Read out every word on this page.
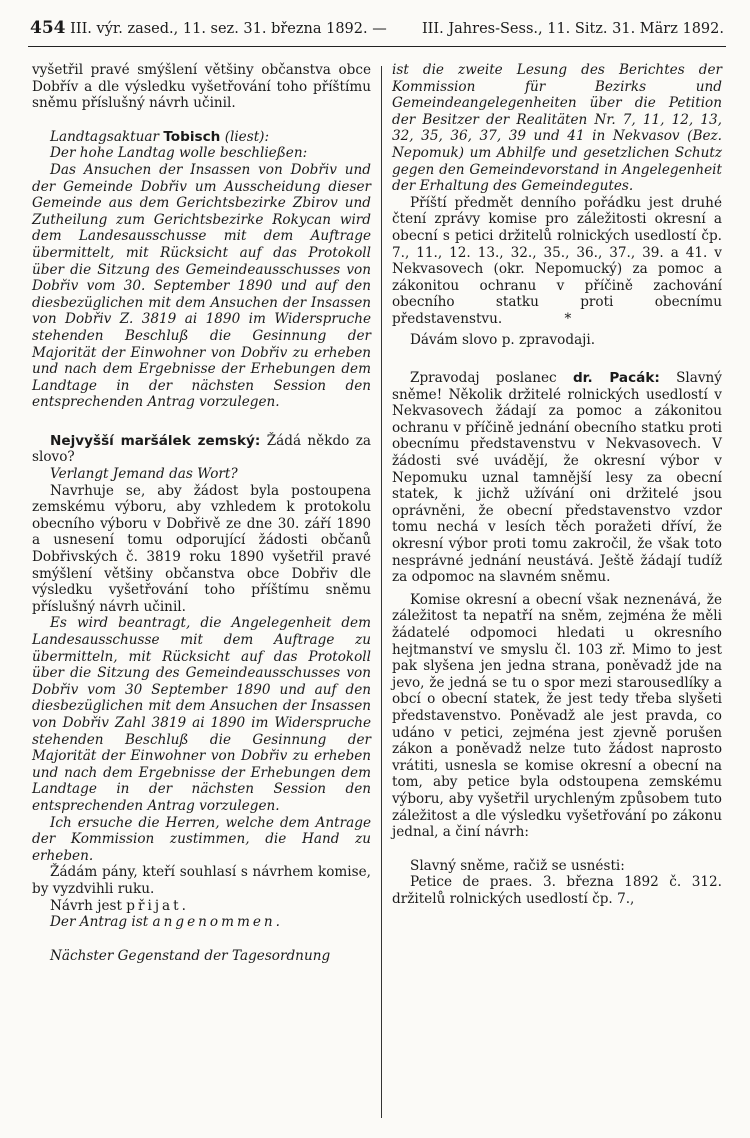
454 III. výr. zased., 11. sez. 31. března 1892. — III. Jahres-Sess., 11. Sitz. 31. März 1892.

vyšetřil pravé smýšlení většiny občanstva obce Dobřív a dle výsledku vyšetřování toho příštímu sněmu příslušný návrh učinil.

Landtagsaktuar Tobisch (liest):

Der hohe Landtag wolle beschließen:

Das Ansuchen der Insassen von Dobřiv und der Gemeinde Dobřiv um Ausscheidung dieser Gemeinde aus dem Gerichtsbezirke Zbirov und Zutheilung zum Gerichtsbezirke Rokycan wird dem Landesausschusse mit dem Auftrage übermittelt, mit Rücksicht auf das Protokoll über die Sitzung des Gemeindeausschusses von Dobřiv vom 30. September 1890 und auf den diesbezüglichen mit dem Ansuchen der Insassen von Dobřiv Z. 3819 ai 1890 im Widerspruche stehenden Beschluß die Gesinnung der Majorität der Einwohner von Dobřiv zu erheben und nach dem Ergebnisse der Erhebungen dem Landtage in der nächsten Session den entsprechenden Antrag vorzulegen.

Nejvyšší maršálek zemský: Žádá někdo za slovo?

Verlangt Jemand das Wort?

Navrhuje se, aby žádost byla postoupena zemskému výboru, aby vzhledem k protokolu obecního výboru v Dobřivě ze dne 30. září 1890 a usnesení tomu odporující žádosti občanů Dobřivských č. 3819 roku 1890 vyšetřil pravé smýšlení většiny občanstva obce Dobřiv dle výsledku vyšetřování toho příštímu sněmu příslušný návrh učinil.

Es wird beantragt, die Angelegenheit dem Landesausschusse mit dem Auftrage zu übermitteln, mit Rücksicht auf das Protokoll über die Sitzung des Gemeindeausschusses von Dobřiv vom 30 September 1890 und auf den diesbezüglichen mit dem Ansuchen der Insassen von Dobřiv Zahl 3819 ai 1890 im Widerspruche stehenden Beschluß die Gesinnung der Majorität der Einwohner von Dobřiv zu erheben und nach dem Ergebnisse der Erhebungen dem Landtage in der nächsten Session den entsprechenden Antrag vorzulegen.

Ich ersuche die Herren, welche dem Antrage der Kommission zustimmen, die Hand zu erheben.

Žádám pány, kteří souhlasí s návrhem komise, by vyzdvihli ruku.

Návrh jest přijat.

Der Antrag ist angenommen.

Nächster Gegenstand der Tagesordnung

ist die zweite Lesung des Berichtes der Kommission für Bezirks und Gemeindeangelegenheiten über die Petition der Besitzer der Realitäten Nr. 7, 11, 12, 13, 32, 35, 36, 37, 39 und 41 in Nekvasov (Bez. Nepomuk) um Abhilfe und gesetzlichen Schutz gegen den Gemeindevorstand in Angelegenheit der Erhaltung des Gemeindegutes.

Příští předmět denního pořádku jest druhé čtení zprávy komise pro záležitosti okresní a obecní s petici držitelů rolnických usedlostí čp. 7., 11., 12. 13., 32., 35., 36., 37., 39. a 41. v Nekvasovech (okr. Nepomucký) za pomoc a zákonitou ochranu v příčině zachování obecního statku proti obecnímu představenstvu.	*

Dávám slovo p. zpravodaji.

Zpravodaj poslanec dr. Pacák: Slavný sněme! Několik držitelé rolnických usedlostí v Nekvasovech žádají za pomoc a zákonitou ochranu v příčině jednání obecního statku proti obecnímu představenstvu v Nekvasovech. V žádosti své uvádějí, že okresní výbor v Nepomuku uznal tamnější lesy za obecní statek, k jichž užívání oni držitelé jsou oprávněni, že obecní představenstvo vzdor tomu nechá v lesích těch poražeti dříví, že okresní výbor proti tomu zakročil, že však toto nesprávné jednání neustává. Ještě žádají tudíž za odpomoc na slavném sněmu.

Komise okresní a obecní však neznenává, že záležitost ta nepatří na sněm, zejména že měli žádatelé odpomoci hledati u okresního hejtmanství ve smyslu čl. 103 zř. Mimo to jest pak slyšena jen jedna strana, poněvadž jde na jevo, že jedná se tu o spor mezi starousedlíky a obcí o obecní statek, že jest tedy třeba slyšeti představenstvo. Poněvadž ale jest pravda, co udáno v petici, zejména jest zjevně porušen zákon a poněvadž nelze tuto žádost naprosto vrátiti, usnesla se komise okresní a obecní na tom, aby petice byla odstoupena zemskému výboru, aby vyšetřil urychleným způsobem tuto záležitost a dle výsledku vyšetřování po zákonu jednal, a činí návrh:

Slavný sněme, račiž se usnésti:

Petice de praes. 3. března 1892 č. 312. držitelů rolnických usedlostí čp. 7.,
